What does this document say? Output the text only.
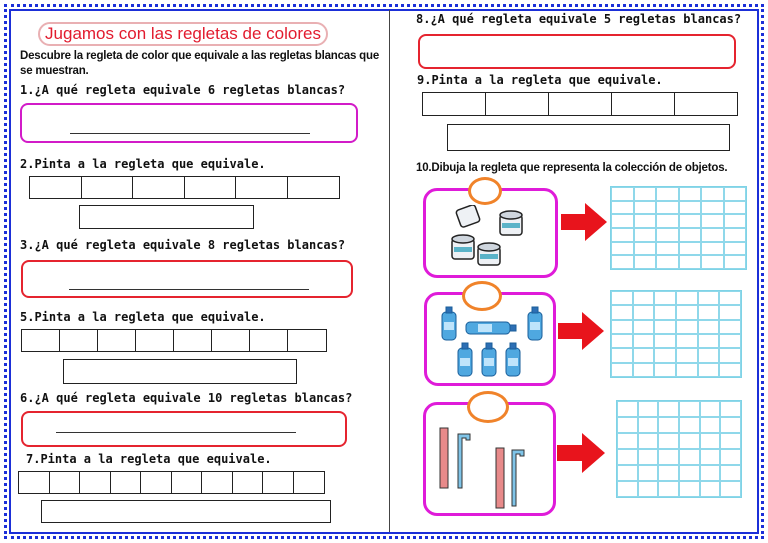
Jugamos con las regletas de colores
Descubre la regleta de color que equivale a las regletas blancas que se muestran.
1.¿A qué regleta equivale 6 regletas blancas?
2.Pinta a la regleta que equivale.
3.¿A qué regleta equivale 8 regletas blancas?
5.Pinta a la regleta que equivale.
6.¿A qué regleta equivale 10 regletas blancas?
7.Pinta a la regleta que equivale.
8.¿A qué regleta equivale 5 regletas blancas?
9.Pinta a la regleta que equivale.
10.Dibuja la regleta que representa la colección de objetos.
